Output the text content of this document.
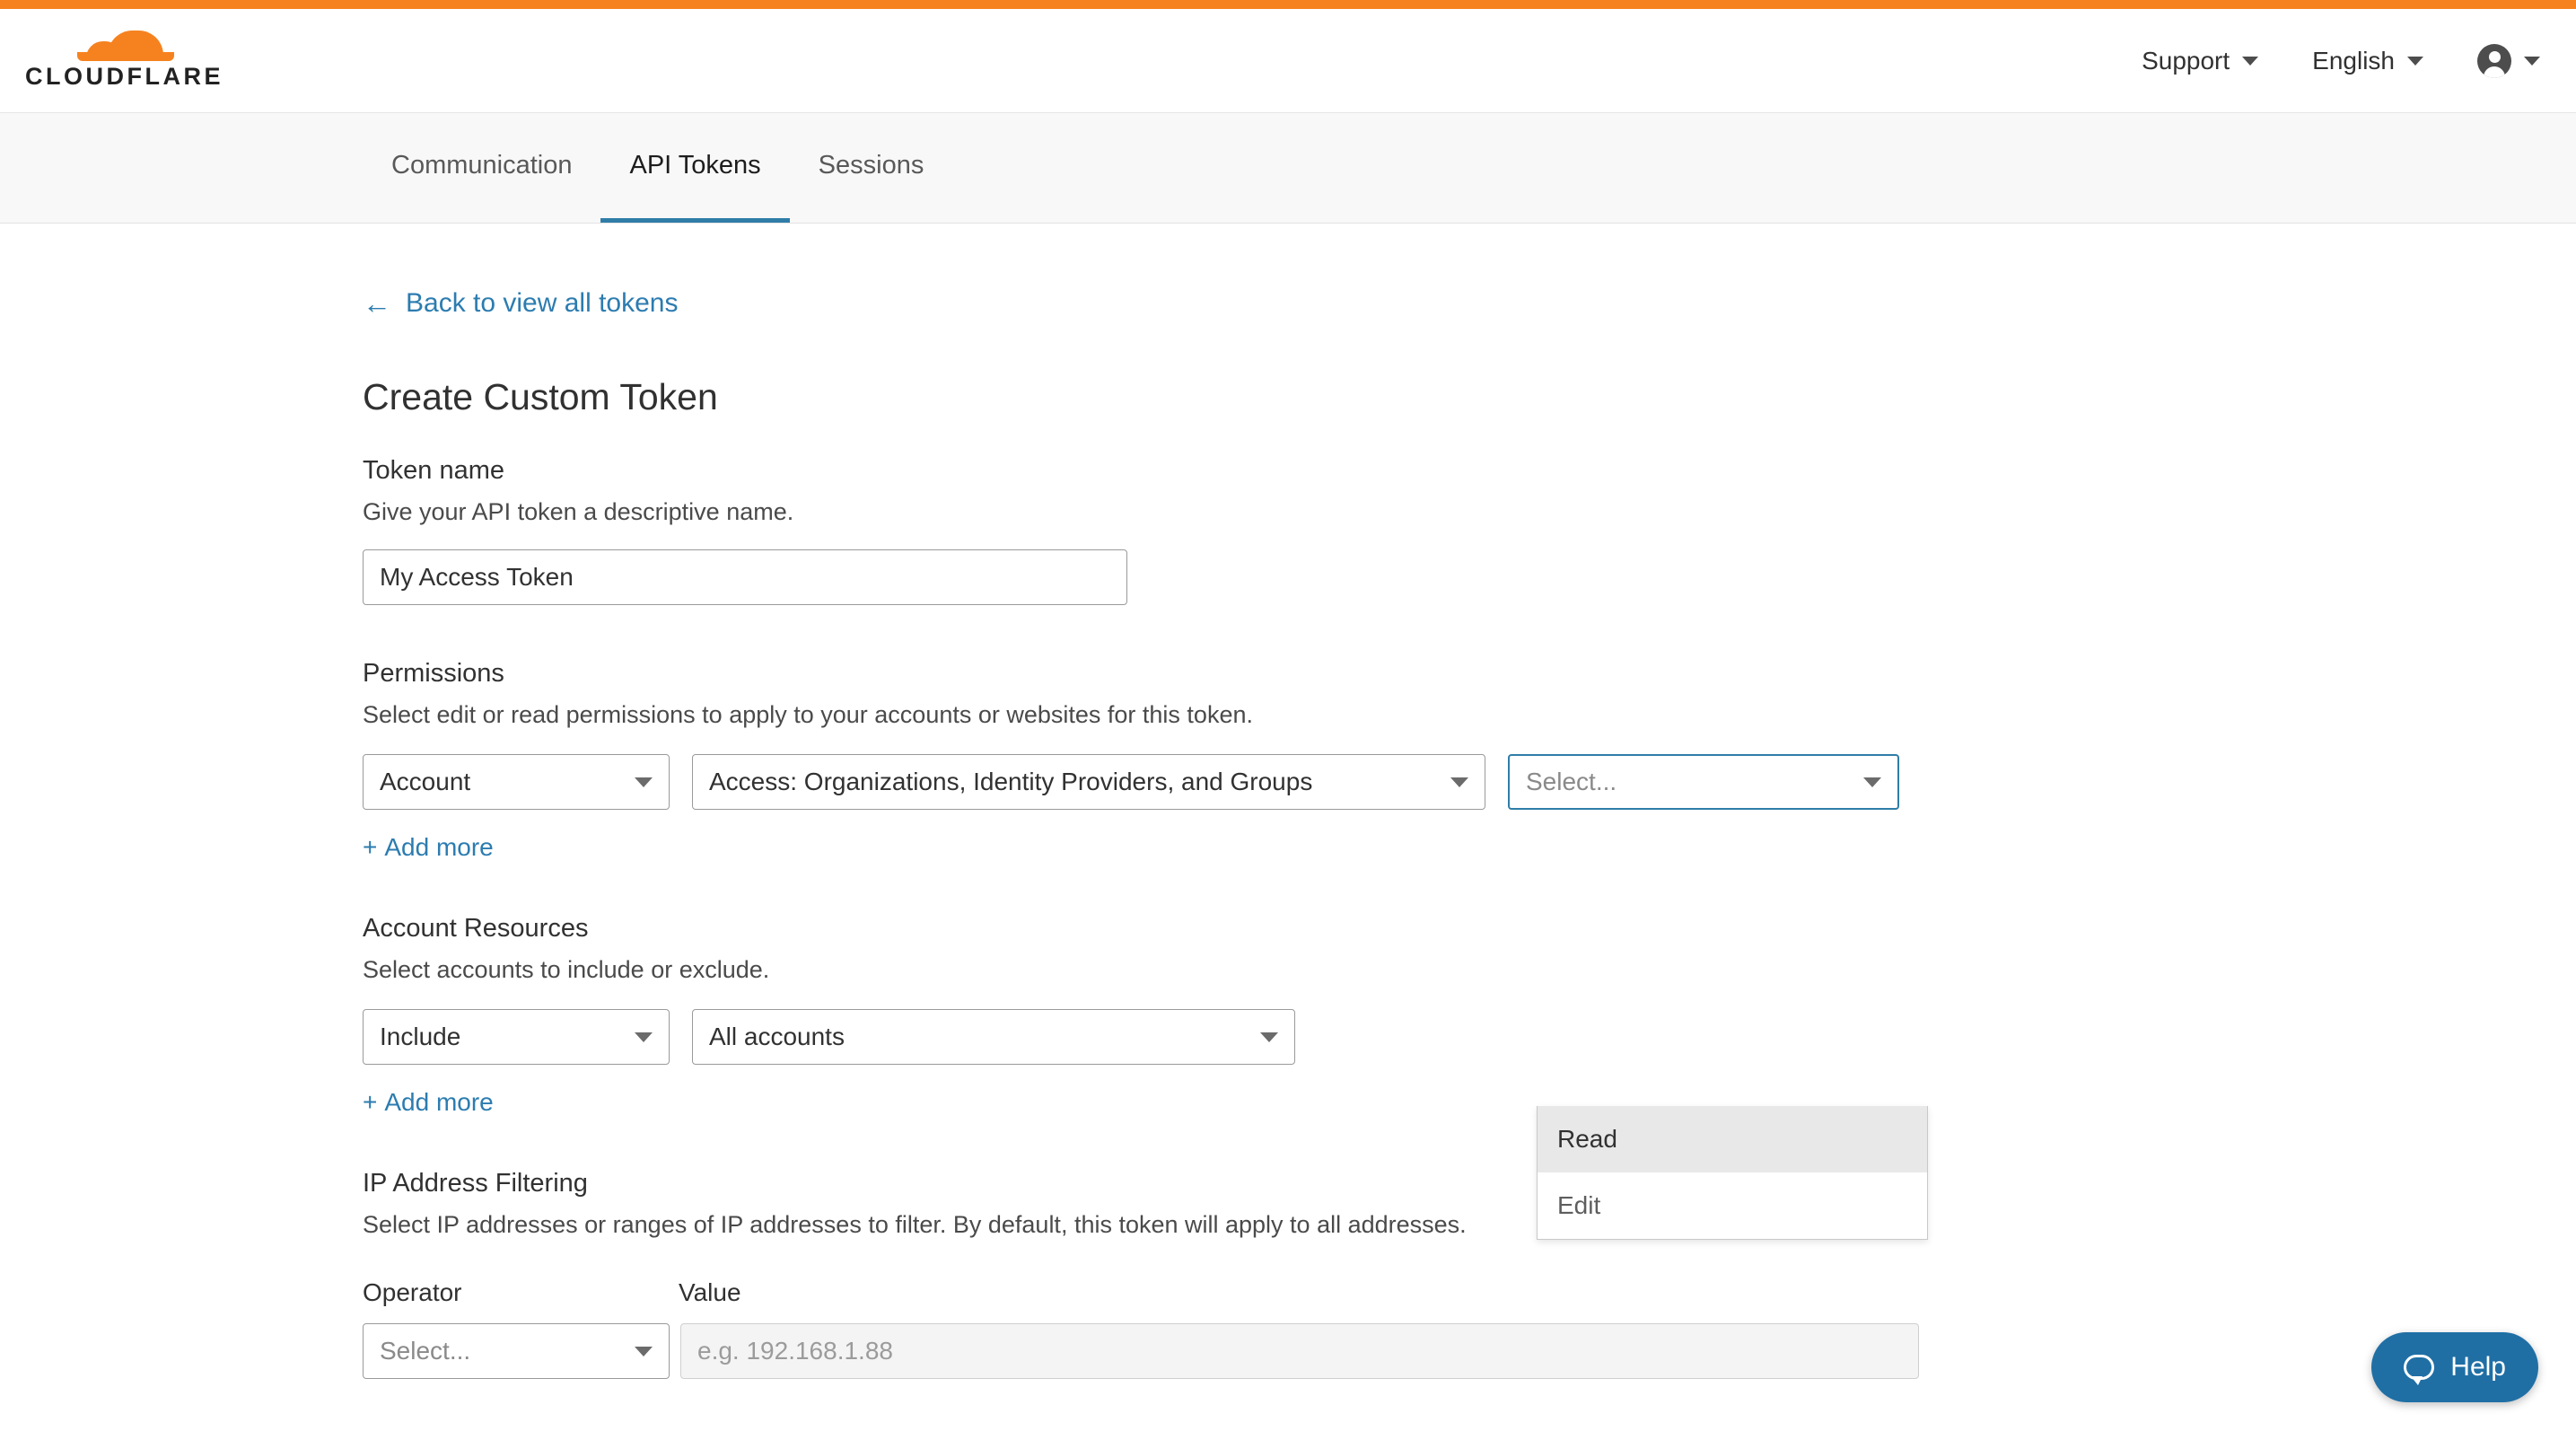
CLOUDFLARE
Support	English
Communication API Tokens Sessions
← Back to view all tokens
Create Custom Token
Token name
Give your API token a descriptive name.
My Access Token
Permissions
Select edit or read permissions to apply to your accounts or websites for this token.
Account	Access: Organizations, Identity Providers, and Groups	Select...
+ Add more
Account Resources
Select accounts to include or exclude.
Include	All accounts
+ Add more
IP Address Filtering
Select IP addresses or ranges of IP addresses to filter. By default, this token will apply to all addresses.
Operator	Value
Select...	e.g. 192.168.1.88
Read
Edit
Help
